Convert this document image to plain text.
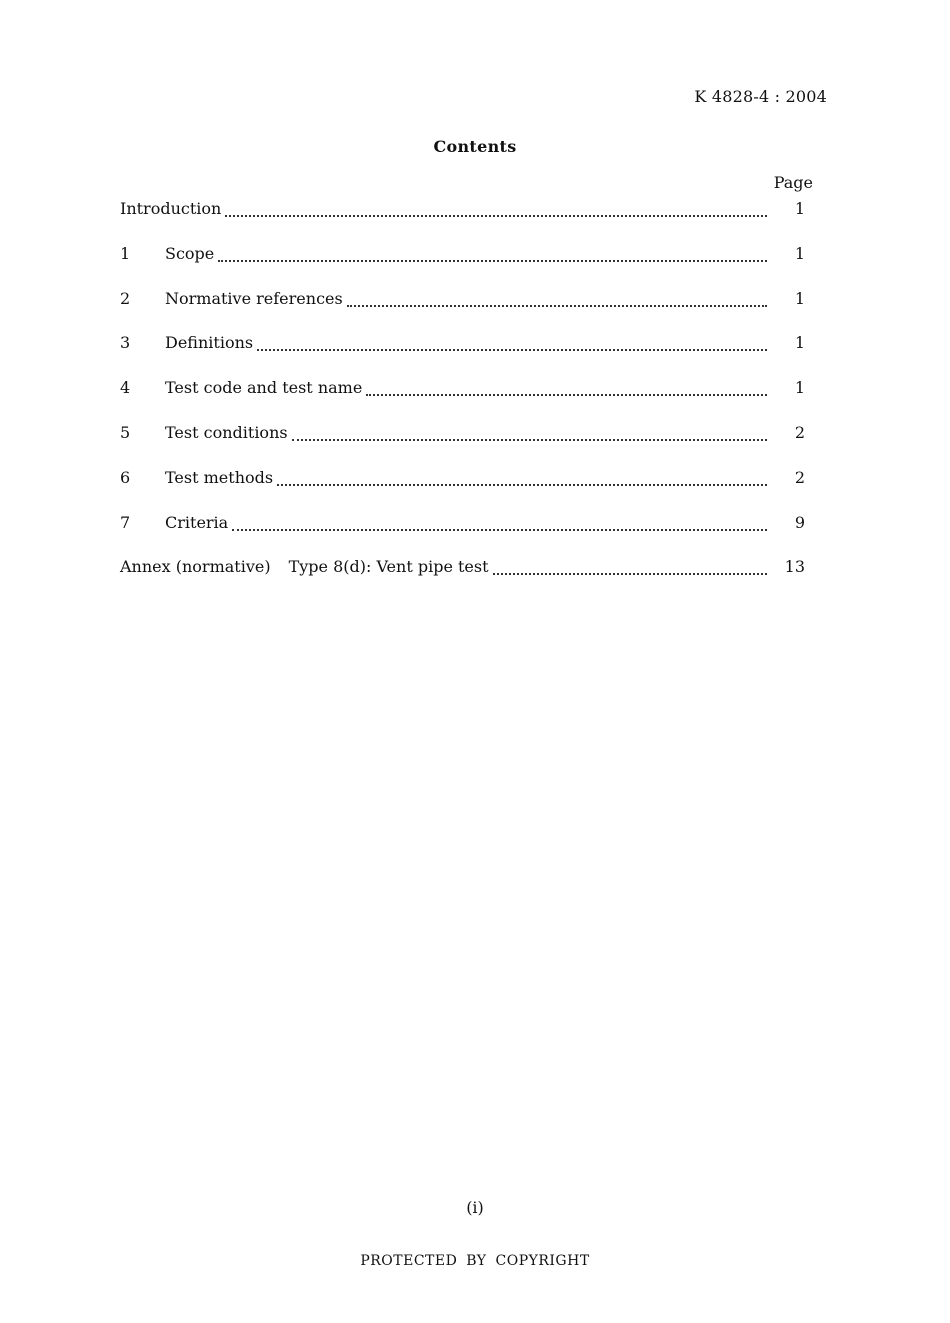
K 4828-4 : 2004
Contents
Page
Introduction	1
1	Scope	1
2	Normative references	1
3	Definitions	1
4	Test code and test name	1
5	Test conditions	2
6	Test methods	2
7	Criteria	9
Annex (normative)	Type 8(d): Vent pipe test	13
(i)
PROTECTED BY COPYRIGHT
